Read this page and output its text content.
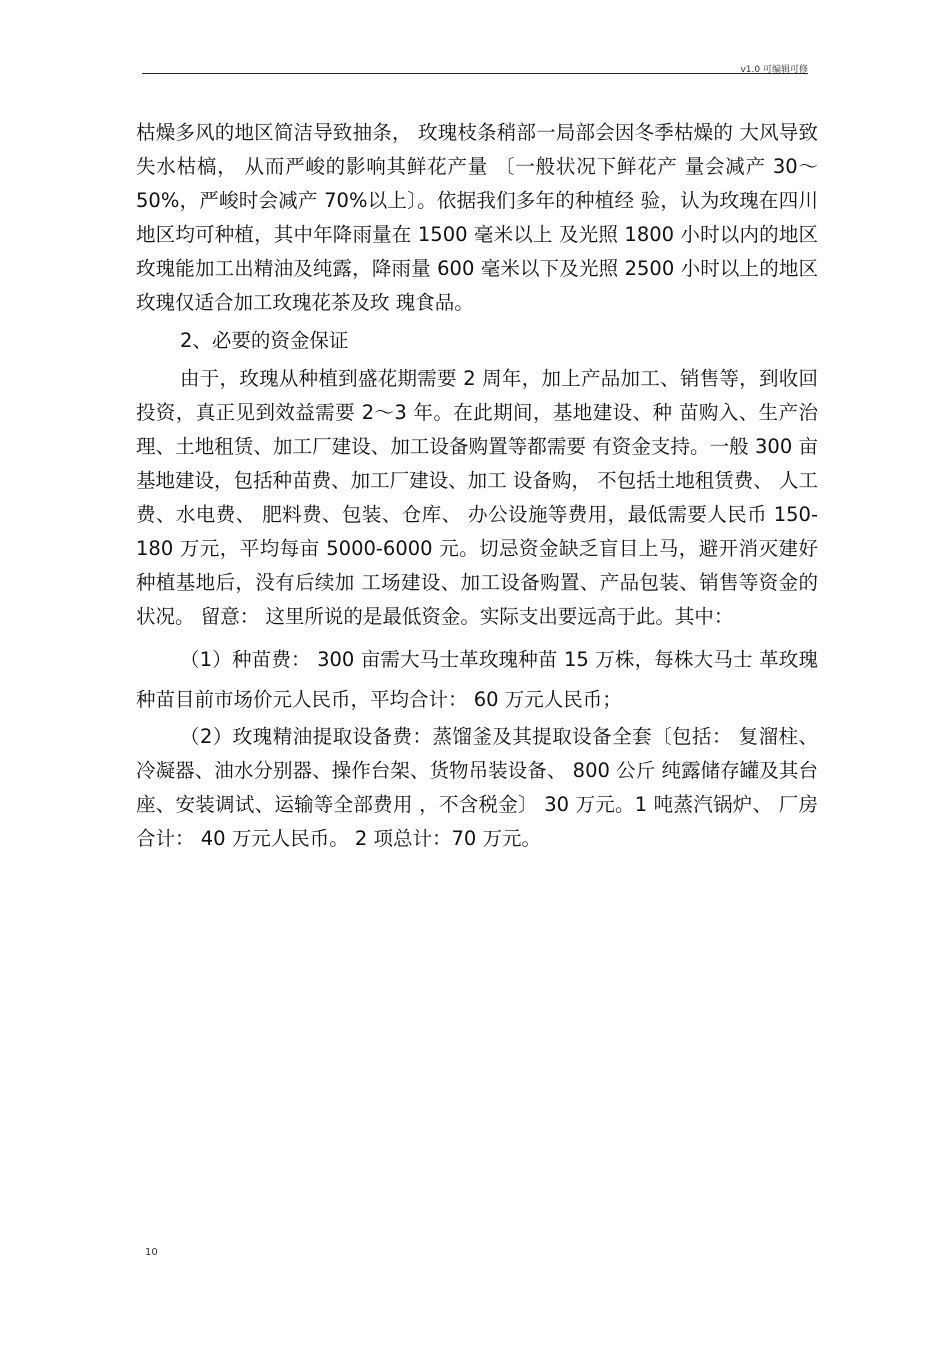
v1.0 可编辑可修

枯燥多风的地区简洁导致抽条， 玫瑰枝条稍部一局部会因冬季枯燥的 大风导致失水枯槁， 从而严峻的影响其鲜花产量 〔一般状况下鲜花产 量会减产 30～ 50%，严峻时会减产 70%以上〕。依据我们多年的种植经 验，认为玫瑰在四川地区均可种植，其中年降雨量在 1500 毫米以上 及光照 1800 小时以内的地区玫瑰能加工出精油及纯露，降雨量 600 毫米以下及光照 2500 小时以上的地区玫瑰仅适合加工玫瑰花茶及玫 瑰食品。

2、必要的资金保证

由于，玫瑰从种植到盛花期需要 2 周年，加上产品加工、销售等，到收回投资，真正见到效益需要 2～3 年。在此期间，基地建设、种 苗购入、生产治理、土地租赁、加工厂建设、加工设备购置等都需要 有资金支持。一般 300 亩基地建设，包括种苗费、加工厂建设、加工 设备购， 不包括土地租赁费、 人工费、水电费、 肥料费、包装、仓库、 办公设施等费用，最低需要人民币 150-180 万元，平均每亩 5000-6000 元。切忌资金缺乏盲目上马，避开消灭建好种植基地后，没有后续加 工场建设、加工设备购置、产品包装、销售等资金的状况。 留意： 这里所说的是最低资金。实际支出要远高于此。其中：

（1）种苗费： 300 亩需大马士革玫瑰种苗 15 万株，每株大马士 革玫瑰种苗目前市场价元人民币，平均合计： 60 万元人民币；

（2）玫瑰精油提取设备费：蒸馏釜及其提取设备全套〔包括： 复溜柱、冷凝器、油水分别器、操作台架、货物吊装设备、 800 公斤 纯露储存罐及其台座、安装调试、运输等全部费用 ，不含税金〕 30 万元。1 吨蒸汽锅炉、 厂房合计： 40 万元人民币。 2 项总计：70 万元。

10
